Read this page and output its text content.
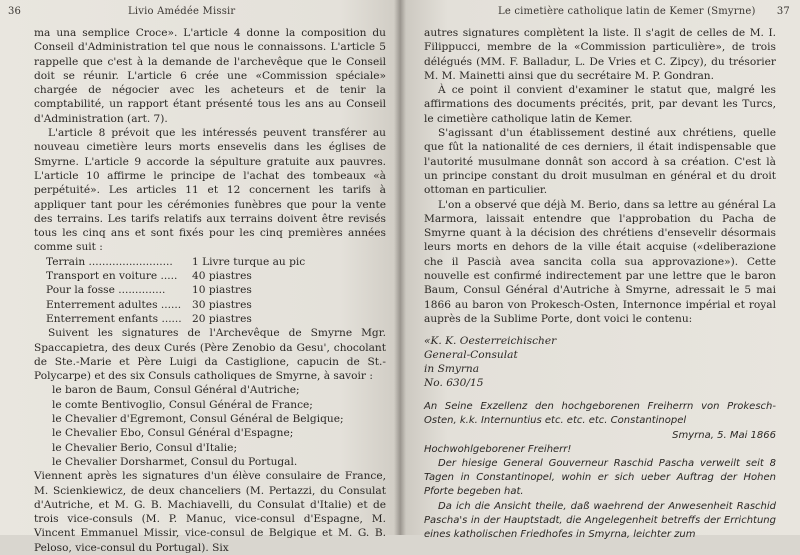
36	Livio Amédée Missir

ma una semplice Croce». L'article 4 donne la composition du Conseil d'Administration tel que nous le connaissons. L'article 5 rappelle que c'est à la demande de l'archevêque que le Conseil doit se réunir. L'article 6 crée une «Commission spéciale» chargée de négocier avec les acheteurs et de tenir la comptabilité, un rapport étant présenté tous les ans au Conseil d'Administration (art. 7).

L'article 8 prévoit que les intéressés peuvent transférer au nouveau cimetière leurs morts ensevelis dans les églises de Smyrne. L'article 9 accorde la sépulture gratuite aux pauvres. L'article 10 affirme le principe de l'achat des tombeaux «à perpétuité». Les articles 11 et 12 concernent les tarifs à appliquer tant pour les cérémonies funèbres que pour la vente des terrains. Les tarifs relatifs aux terrains doivent être revisés tous les cinq ans et sont fixés pour les cinq premières années comme suit :

Terrain .........................	1 Livre turque au pic
Transport en voiture .....	40 piastres
Pour la fosse ..............	10 piastres
Enterrement adultes ......	30 piastres
Enterrement enfants ...... 20 piastres

Suivent les signatures de l'Archevêque de Smyrne Mgr. Spaccapietra, des deux Curés (Père Zenobio da Gesu', chocolant de Ste.-Marie et Père Luigi da Castiglione, capucin de St.-Polycarpe) et des six Consuls catholiques de Smyrne, à savoir :

le baron de Baum, Consul Général d'Autriche;
le comte Bentivoglio, Consul Général de France;
le Chevalier d'Egremont, Consul Général de Belgique;
le Chevalier Ebo, Consul Général d'Espagne;
le Chevalier Berio, Consul d'Italie;
le Chevalier Dorsharmet, Consul du Portugal.

Viennent après les signatures d'un élève consulaire de France, M. Scienkiewicz, de deux chanceliers (M. Pertazzi, du Consulat d'Autriche, et M. G. B. Machiavelli, du Consulat d'Italie) et de trois vice-consuls (M. P. Manuc, vice-consul d'Espagne, M. Vincent Emmanuel Missir, vice-consul de Belgique et M. G. B. Peloso, vice-consul du Portugal). Six

Le cimetière catholique latin de Kemer (Smyrne) 37

autres signatures complètent la liste. Il s'agit de celles de M. I. Filippucci, membre de la «Commission particulière», de trois délégués (MM. F. Balladur, L. De Vries et C. Zipcy), du trésorier M. M. Mainetti ainsi que du secrétaire M. P. Gondran.

À ce point il convient d'examiner le statut que, malgré les affirmations des documents précités, prit, par devant les Turcs, le cimetière catholique latin de Kemer.

S'agissant d'un établissement destiné aux chrétiens, quelle que fût la nationalité de ces derniers, il était indispensable que l'autorité musulmane donnât son accord à sa création. C'est là un principe constant du droit musulman en général et du droit ottoman en particulier.

L'on a observé que déjà M. Berio, dans sa lettre au général La Marmora, laissait entendre que l'approbation du Pacha de Smyrne quant à la décision des chrétiens d'ensevelir désormais leurs morts en dehors de la ville était acquise («deliberazione che il Pascià avea sancita colla sua approvazione»). Cette nouvelle est confirmé indirectement par une lettre que le baron Baum, Consul Général d'Autriche à Smyrne, adressait le 5 mai 1866 au baron von Prokesch-Osten, Internonce impérial et royal auprès de la Sublime Porte, dont voici le contenu:

«K. K. Oesterreichischer
General-Consulat
in Smyrna
No. 630/15
An Seine Exzellenz den hochgeborenen Freiherrn von Prokesch-Osten, k.k. Internuntius etc. etc. etc. Constantinopel
Smyrna, 5. Mai 1866
Hochwohlgeborener Freiherr!
Der hiesige General Gouverneur Raschid Pascha verweilt seit 8 Tagen in Constantinopel, wohin er sich ueber Auftrag der Hohen Pforte begeben hat.
Da ich die Ansicht theile, daß waehrend der Anwesenheit Raschid Pascha's in der Hauptstadt, die Angelegenheit betreffs der Errichtung eines katholischen Friedhofes in Smyrna, leichter zum
